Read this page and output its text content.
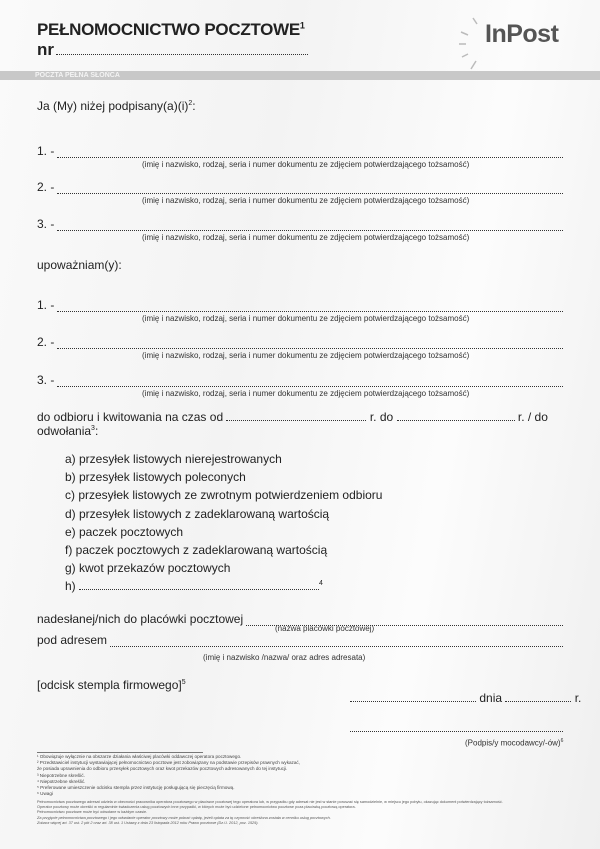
PEŁNOMOCNICTWO POCZTOWE$^1$
nr
InPost
POCZTA PEŁNA SŁOŃCA
Ja (My) niżej $podpisany(a)(i)^2$:
upoważniam(y):
do odbioru i kwitowania na czas od	r. do	r. / do odwołania$^3$:
nadesłanej/nich do placówki pocztowej
(nazwa placówki pocztowej)
pod adresem
(imię i nazwisko /nazwa/ oraz adres adresata)
[odcisk stempla firmowego]$^5$
dnia	r.
(Podpis/y mocodawcy/-ów)$^6$
¹ Obowiązuje wyłącznie na obszarze działania właściwej placówki oddawczej operatora pocztowego.
² Przedstawiciel instytucji wystawiającej pełnomocnictwo pocztowe jest zobowiązany na podstawie przepisów prawnych wykazać,
że posiada uprawnienia do odbioru przesyłek pocztowych oraz kwot przekazów pocztowych adresowanych do tej instytucji.
³ Niepotrzebne skreślić.
⁴ Niepotrzebne skreślić.
⁵ Preferowane umieszczenie odcisku stempla przez instytucję posługującą się pieczęcią firmową.
⁶ Uwagi
Pełnomocnictwa pocztowego adresat udziela w obecności pracownika operatora pocztowego w placówce pocztowej tego operatora lub, w przypadku gdy adresat nie jest w stanie poruszać się samodzielnie, w miejscu jego pobytu, okazując dokument potwierdzający tożsamość.
Operator pocztowy może określić w regulaminie świadczenia usług pocztowych inne przypadki, w których może być udzielone pełnomocnictwo pocztowe poza placówką pocztową operatora.
Pełnomocnictwo pocztowe może być odwołane w każdym czasie.
Za przyjęcie pełnomocnictwa pocztowego i jego odwołanie operator pocztowy może pobrać opłatę, jeżeli opłata za tę czynność określona została w cenniku usług pocztowych.
Zobacz więcej art. 37 ust. 2 pkt 2 oraz art. 38 ust. 1 Ustawy z dnia 23 listopada 2012 roku Prawo pocztowe (Dz.U. 2012, poz. 1529).
1. -
(imię i nazwisko, rodzaj, seria i numer dokumentu ze zdjęciem potwierdzającego tożsamość)
2. -
(imię i nazwisko, rodzaj, seria i numer dokumentu ze zdjęciem potwierdzającego tożsamość)
3. -
(imię i nazwisko, rodzaj, seria i numer dokumentu ze zdjęciem potwierdzającego tożsamość)
1. -
(imię i nazwisko, rodzaj, seria i numer dokumentu ze zdjęciem potwierdzającego tożsamość)
2. -
(imię i nazwisko, rodzaj, seria i numer dokumentu ze zdjęciem potwierdzającego tożsamość)
3. -
(imię i nazwisko, rodzaj, seria i numer dokumentu ze zdjęciem potwierdzającego tożsamość)
a) przesyłek listowych nierejestrowanych
b) przesyłek listowych poleconych
c) przesyłek listowych ze zwrotnym potwierdzeniem odbioru
d) przesyłek listowych z zadeklarowaną wartością
e) paczek pocztowych
f) paczek pocztowych z zadeklarowaną wartością
g) kwot przekazów pocztowych
h)	$^4$
